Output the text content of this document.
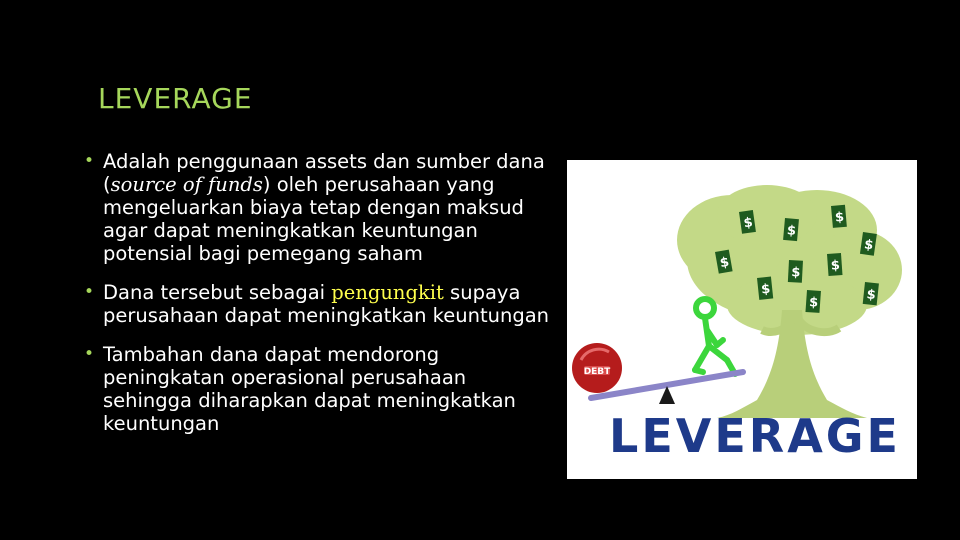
LEVERAGE
• Adalah penggunaan assets dan sumber dana (source of funds) oleh perusahaan yang mengeluarkan biaya tetap dengan maksud agar dapat meningkatkan keuntungan potensial bagi pemegang saham
• Dana tersebut sebagai pengungkit supaya perusahaan dapat meningkatkan keuntungan
• Tambahan dana dapat mendorong peningkatan operasional perusahaan sehingga diharapkan dapat meningkatkan keuntungan
$	$
$
$
$
$ $
$
$
$
DEBT
LEVERAGE
